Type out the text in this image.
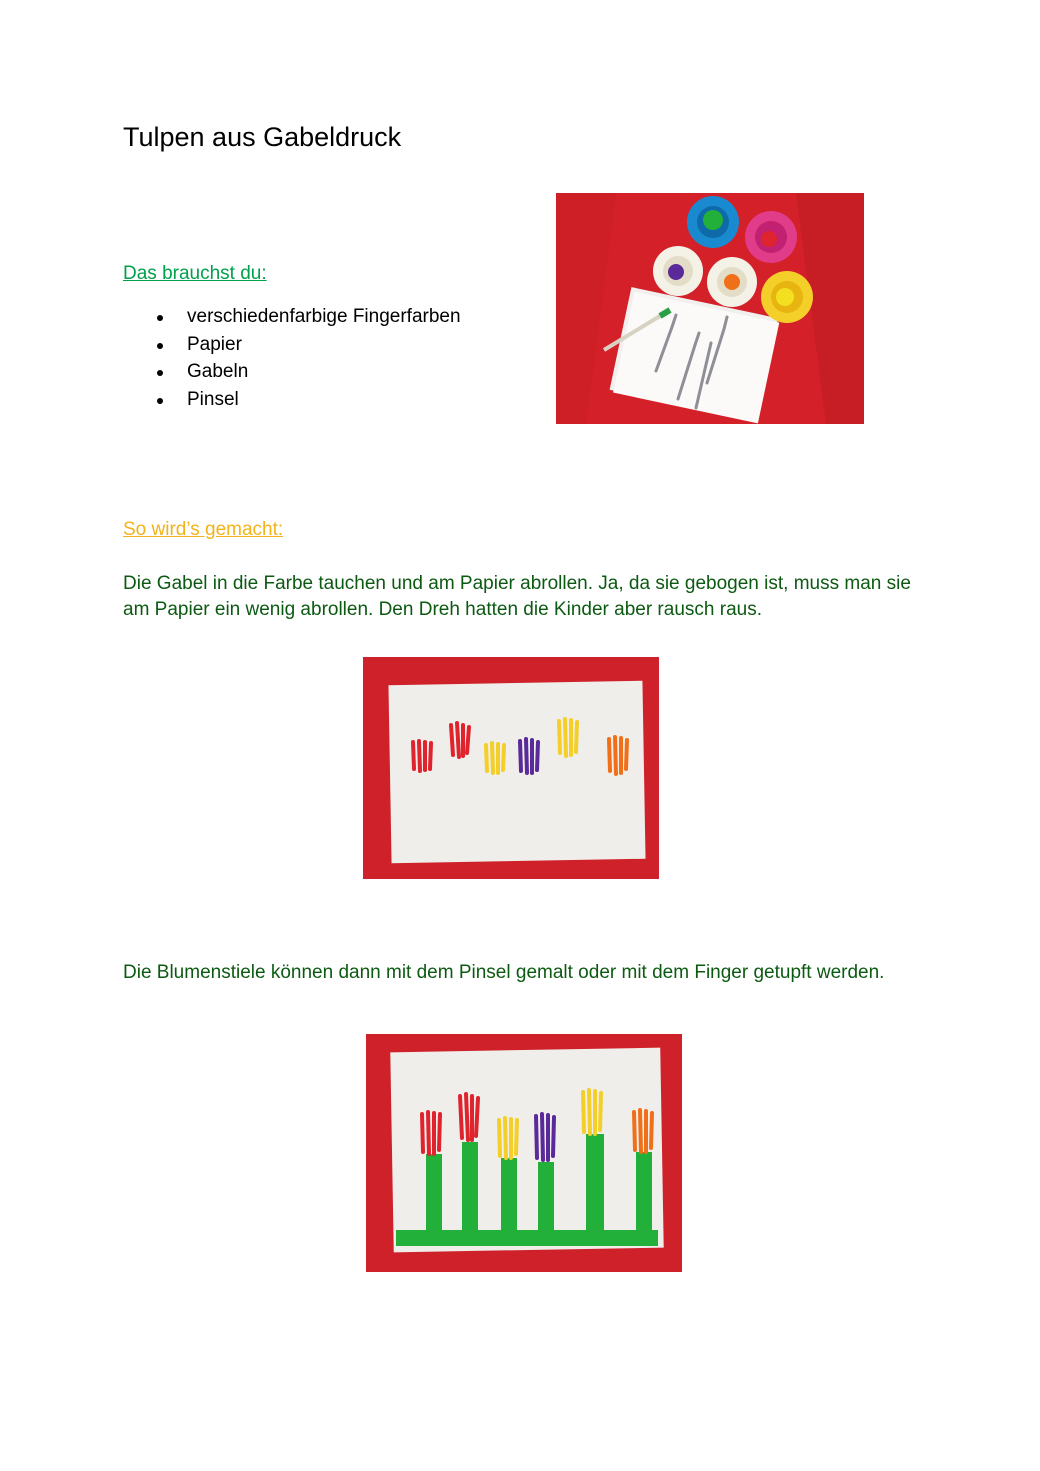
Tulpen aus Gabeldruck
Das brauchst du:
verschiedenfarbige Fingerfarben
Papier
Gabeln
Pinsel
So wird’s gemacht:

Die Gabel in die Farbe tauchen und am Papier abrollen. Ja, da sie gebogen ist, muss man sie am Papier ein wenig abrollen. Den Dreh hatten die Kinder aber rausch raus.

Die Blumenstiele können dann mit dem Pinsel gemalt oder mit dem Finger getupft werden.
